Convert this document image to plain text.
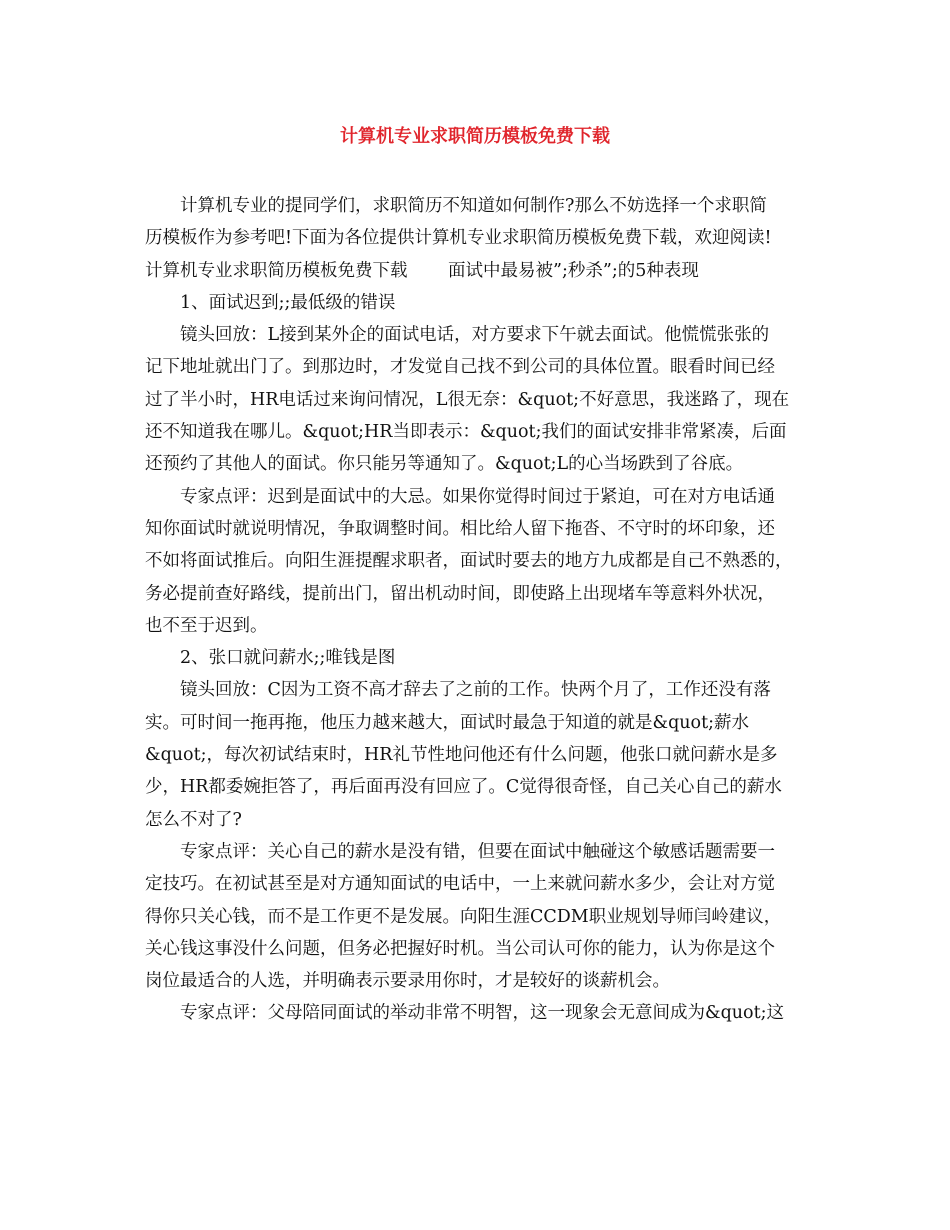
计算机专业求职简历模板免费下载
计算机专业的提同学们，求职简历不知道如何制作?那么不妨选择一个求职简
历模板作为参考吧!下面为各位提供计算机专业求职简历模板免费下载，欢迎阅读!
计算机专业求职简历模板免费下载　　 面试中最易被”;秒杀”;的5种表现
1、面试迟到;;最低级的错误
镜头回放：L接到某外企的面试电话，对方要求下午就去面试。他慌慌张张的
记下地址就出门了。到那边时，才发觉自己找不到公司的具体位置。眼看时间已经
过了半小时，HR电话过来询问情况，L很无奈：&quot;不好意思，我迷路了，现在
还不知道我在哪儿。&quot;HR当即表示：&quot;我们的面试安排非常紧凑，后面
还预约了其他人的面试。你只能另等通知了。&quot;L的心当场跌到了谷底。
专家点评：迟到是面试中的大忌。如果你觉得时间过于紧迫，可在对方电话通
知你面试时就说明情况，争取调整时间。相比给人留下拖沓、不守时的坏印象，还
不如将面试推后。向阳生涯提醒求职者，面试时要去的地方九成都是自己不熟悉的，
务必提前查好路线，提前出门，留出机动时间，即使路上出现堵车等意料外状况，
也不至于迟到。
2、张口就问薪水;;唯钱是图
镜头回放：C因为工资不高才辞去了之前的工作。快两个月了，工作还没有落
实。可时间一拖再拖，他压力越来越大，面试时最急于知道的就是&quot;薪水
&quot;，每次初试结束时，HR礼节性地问他还有什么问题，他张口就问薪水是多
少，HR都委婉拒答了，再后面再没有回应了。C觉得很奇怪，自己关心自己的薪水
怎么不对了?
专家点评：关心自己的薪水是没有错，但要在面试中触碰这个敏感话题需要一
定技巧。在初试甚至是对方通知面试的电话中，一上来就问薪水多少，会让对方觉
得你只关心钱，而不是工作更不是发展。向阳生涯CCDM职业规划导师闫岭建议，
关心钱这事没什么问题，但务必把握好时机。当公司认可你的能力，认为你是这个
岗位最适合的人选，并明确表示要录用你时，才是较好的谈薪机会。
专家点评：父母陪同面试的举动非常不明智，这一现象会无意间成为&quot;这
